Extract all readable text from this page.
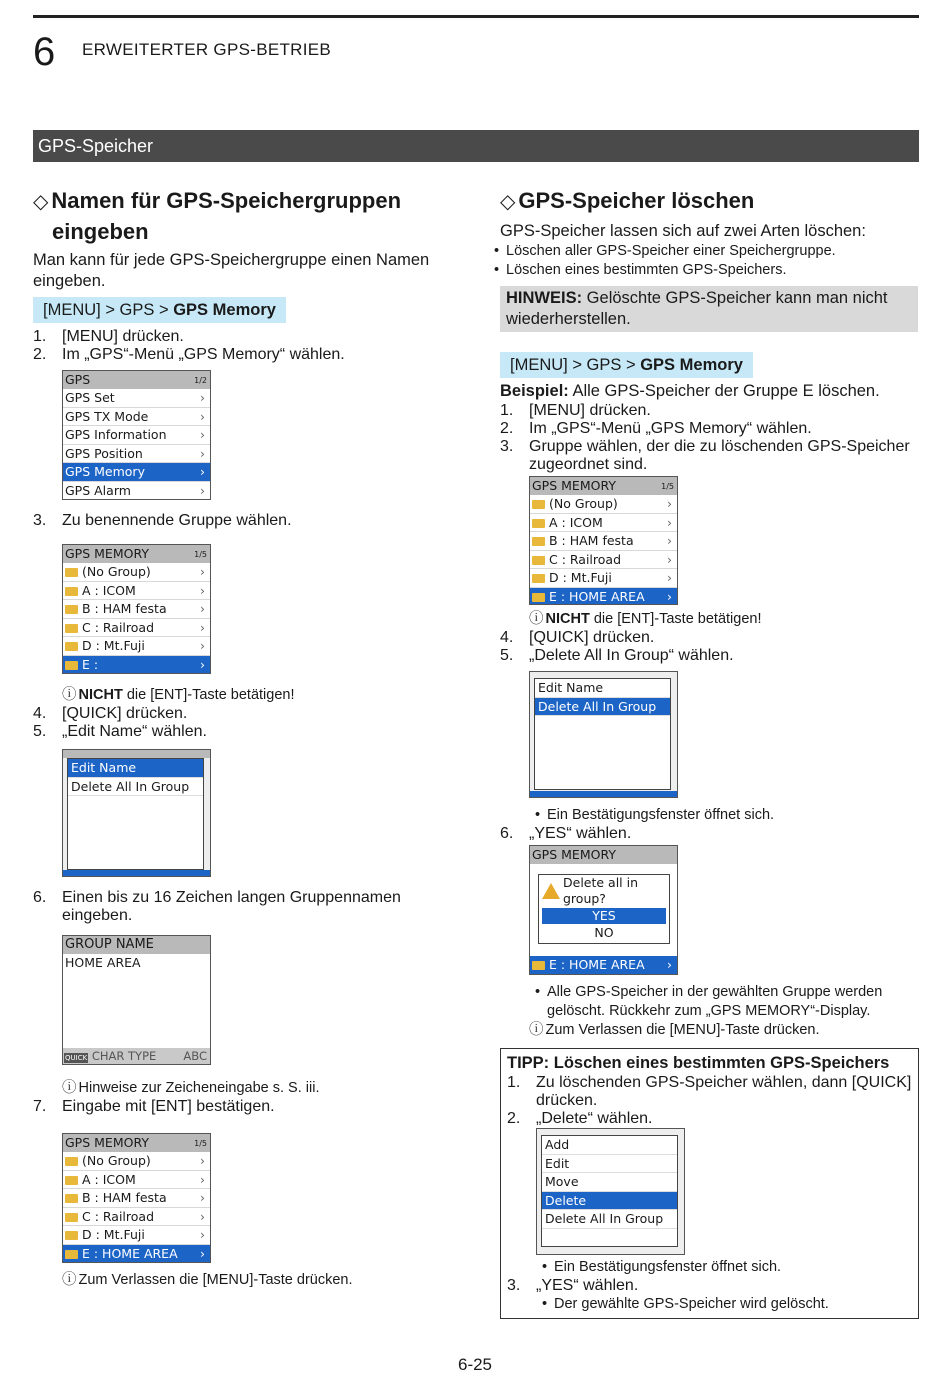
6 ERWEITERTER GPS-BETRIEB
GPS-Speicher
◇ Namen für GPS-Speichergruppen
eingeben

Man kann für jede GPS-Speichergruppe einen Namen eingeben.

[MENU] > GPS > GPS Memory
1. [MENU] drücken.
2. Im „GPS“-Menü „GPS Memory“ wählen.
GPS	1/2
GPS Set ›
GPS TX Mode ›
GPS Information ›
GPS Position ›
GPS Memory ›
GPS Alarm ›
3. Zu benennende Gruppe wählen.
GPS MEMORY	1/5
(No Group) ›
A : ICOM ›
B : HAM festa ›
C : Railroad ›
D : Mt.Fuji ›
E : ›
ⓘ NICHT die [ENT]-Taste betätigen!
4. [QUICK] drücken.
5. „Edit Name“ wählen.
Edit Name
Delete All In Group
6. Einen bis zu 16 Zeichen langen Gruppennamen eingeben.
GROUP NAME
HOME AREA
QUICK CHAR TYPE ABC
ⓘ Hinweise zur Zeicheneingabe s. S. iii.
7. Eingabe mit [ENT] bestätigen.
GPS MEMORY	1/5
(No Group) ›
A : ICOM ›
B : HAM festa ›
C : Railroad ›
D : Mt.Fuji ›
E : HOME AREA ›
ⓘ Zum Verlassen die [MENU]-Taste drücken.
◇ GPS-Speicher löschen

GPS-Speicher lassen sich auf zwei Arten löschen:

• Löschen aller GPS-Speicher einer Speichergruppe.
• Löschen eines bestimmten GPS-Speichers.
HINWEIS: Gelöschte GPS-Speicher kann man nicht wiederherstellen.
[MENU] > GPS > GPS Memory

Beispiel: Alle GPS-Speicher der Gruppe E löschen.

1. [MENU] drücken.
2. Im „GPS“-Menü „GPS Memory“ wählen.
3. Gruppe wählen, der die zu löschenden GPS-Speicher zugeordnet sind.
GPS MEMORY	1/5
(No Group) ›
A : ICOM ›
B : HAM festa ›
C : Railroad ›
D : Mt.Fuji ›
E : HOME AREA ›
ⓘ NICHT die [ENT]-Taste betätigen!
4. [QUICK] drücken.
5. „Delete All In Group“ wählen.
Edit Name
Delete All In Group
• Ein Bestätigungsfenster öffnet sich.
6. „YES“ wählen.
GPS MEMORY
Delete all in
group?
YES
NO
E : HOME AREA ›
• Alle GPS-Speicher in der gewählten Gruppe werden gelöscht. Rückkehr zum „GPS MEMORY“-Display.
ⓘ Zum Verlassen die [MENU]-Taste drücken.
TIPP: Löschen eines bestimmten GPS-Speichers
1. Zu löschenden GPS-Speicher wählen, dann [QUICK] drücken.
2. „Delete“ wählen.
Add
Edit
Move
Delete
Delete All In Group
• Ein Bestätigungsfenster öffnet sich.
3. „YES“ wählen.
• Der gewählte GPS-Speicher wird gelöscht.
6-25
